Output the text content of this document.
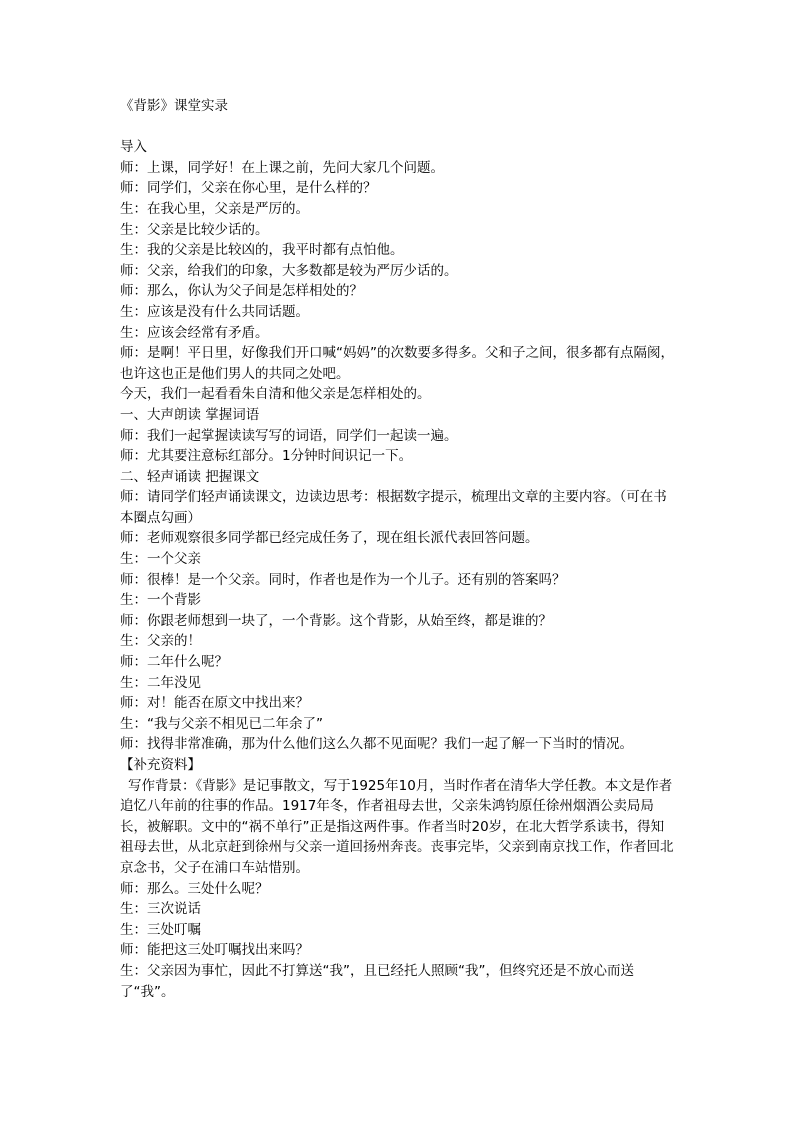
《背影》课堂实录
导入
师：上课，同学好！在上课之前，先问大家几个问题。
师：同学们，父亲在你心里，是什么样的？
生：在我心里，父亲是严厉的。
生：父亲是比较少话的。
生：我的父亲是比较凶的，我平时都有点怕他。
师：父亲，给我们的印象，大多数都是较为严厉少话的。
师：那么，你认为父子间是怎样相处的？
生：应该是没有什么共同话题。
生：应该会经常有矛盾。
师：是啊！平日里，好像我们开口喊“妈妈”的次数要多得多。父和子之间，很多都有点隔阂，也许这也正是他们男人的共同之处吧。
今天，我们一起看看朱自清和他父亲是怎样相处的。
一、大声朗读 掌握词语
师：我们一起掌握读读写写的词语，同学们一起读一遍。
师：尤其要注意标红部分。1分钟时间识记一下。
二、轻声诵读 把握课文
师：请同学们轻声诵读课文，边读边思考：根据数字提示，梳理出文章的主要内容。（可在书本圈点勾画）
师：老师观察很多同学都已经完成任务了，现在组长派代表回答问题。
生：一个父亲
师：很棒！是一个父亲。同时，作者也是作为一个儿子。还有别的答案吗？
生：一个背影
师：你跟老师想到一块了，一个背影。这个背影，从始至终，都是谁的？
生：父亲的！
师：二年什么呢？
生：二年没见
师：对！能否在原文中找出来？
生：“我与父亲不相见已二年余了”
师：找得非常准确，那为什么他们这么久都不见面呢？我们一起了解一下当时的情况。
【补充资料】
写作背景：《背影》是记事散文，写于1925年10月，当时作者在清华大学任教。本文是作者追忆八年前的往事的作品。1917年冬，作者祖母去世，父亲朱鸿钧原任徐州烟酒公卖局局长，被解职。文中的“祸不单行”正是指这两件事。作者当时20岁，在北大哲学系读书，得知祖母去世，从北京赶到徐州与父亲一道回扬州奔丧。丧事完毕，父亲到南京找工作，作者回北京念书，父子在浦口车站惜别。
师：那么。三处什么呢？
生：三次说话
生：三处叮嘱
师：能把这三处叮嘱找出来吗？
生：父亲因为事忙，因此不打算送“我”，且已经托人照顾“我”，但终究还是不放心而送了“我”。
